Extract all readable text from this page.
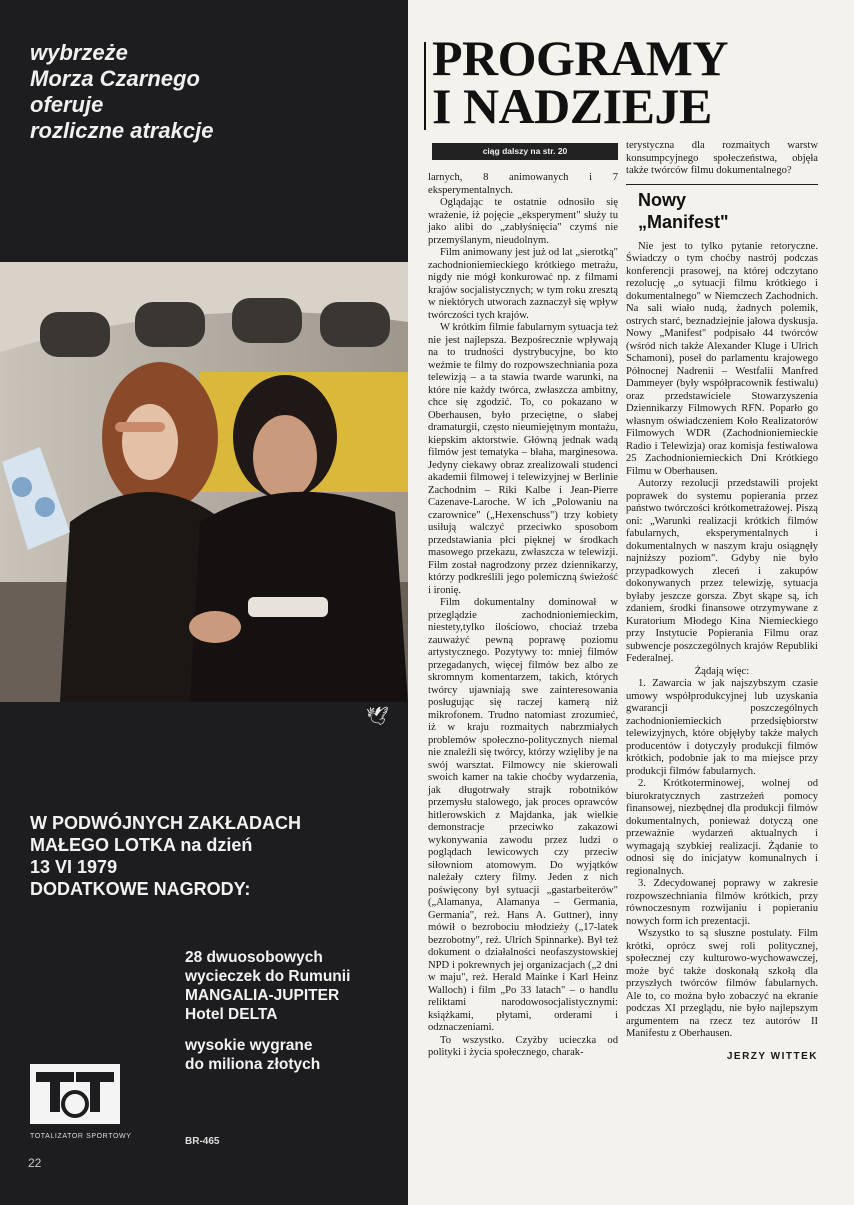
wybrzeże
Morza Czarnego
oferuje
rozliczne atrakcje
🕊
W PODWÓJNYCH ZAKŁADACH
MAŁEGO LOTKA na dzień
13 VI 1979
DODATKOWE NAGRODY:
28 dwuosobowych
wycieczek do Rumunii
MANGALIA-JUPITER
Hotel DELTA
wysokie wygrane
do miliona złotych
TOTALIZATOR SPORTOWY	BR-465
22
PROGRAMY
I NADZIEJE
ciąg dalszy na str. 20

larnych, 8 animowanych i 7 eksperymentalnych.

Oglądając te ostatnie odnosiło się wrażenie, iż pojęcie „eksperyment" służy tu jako alibi do „zabłyśnięcia" czymś nie przemyślanym, nieudolnym.

Film animowany jest już od lat „sierotką" zachodnioniemieckiego krótkiego metrażu, nigdy nie mógł konkurować np. z filmami krajów socjalistycznych; w tym roku zresztą w niektórych utworach zaznaczył się wpływ twórczości tych krajów.

W krótkim filmie fabularnym sytuacja też nie jest najlepsza. Bezpośrecznie wpływają na to trudności dystrybucyjne, bo kto weźmie te filmy do rozpowszechniania poza telewizją – a ta stawia twarde warunki, na które nie każdy twórca, zwłaszcza ambitny, chce się zgodzić. To, co pokazano w Oberhausen, było przeciętne, o słabej dramaturgii, często nieumiejętnym montażu, kiepskim aktorstwie. Główną jednak wadą filmów jest tematyka – błaha, marginesowa. Jedyny ciekawy obraz zrealizowali studenci akademii filmowej i telewizyjnej w Berlinie Zachodnim – Riki Kalbe i Jean-Pierre Cazenave-Laroche. W ich „Polowaniu na czarownice" („Hexenschuss") trzy kobiety usiłują walczyć przeciwko sposobom przedstawiania płci pięknej w środkach masowego przekazu, zwłaszcza w telewizji. Film został nagrodzony przez dziennikarzy, którzy podkreślili jego polemiczną świeżość i ironię.

Film dokumentalny dominował w przeglądzie zachodnioniemieckim, niestety,tylko ilościowo, chociaż trzeba zauważyć pewną poprawę poziomu artystycznego. Pozytywy to: mniej filmów przegadanych, więcej filmów bez albo ze skromnym komentarzem, takich, których twórcy ujawniają swe zainteresowania posługując się raczej kamerą niż mikrofonem. Trudno natomiast zrozumieć, iż w kraju rozmaitych nabrzmiałych problemów społeczno-politycznych niemal nie znaleźli się twórcy, którzy wzięliby je na swój warsztat. Filmowcy nie skierowali swoich kamer na takie choćby wydarzenia, jak długotrwały strajk robotników przemysłu stalowego, jak proces oprawców hitlerowskich z Majdanka, jak wielkie demonstracje przeciwko zakazowi wykonywania zawodu przez ludzi o poglądach lewicowych czy przeciw siłowniom atomowym. Do wyjątków należały cztery filmy. Jeden z nich poświęcony był sytuacji „gastarbeiterów" („Alamanya, Alamanya – Germania, Germania", reż. Hans A. Guttner), inny mówił o bezrobociu młodzieży („17-latek bezrobotny", reż. Ulrich Spinnarke). Był też dokument o działalności neofaszystowskiej NPD i pokrewnych jej organizacjach („2 dni w maju", reż. Herald Mainke i Karl Heinz Walloch) i film „Po 33 latach" – o handlu reliktami narodowosocjalistycznymi: książkami, płytami, orderami i odznaczeniami.

To wszystko. Czyżby ucieczka od polityki i życia społecznego, charak-

terystyczna dla rozmaitych warstw konsumpcyjnego społeczeństwa, objęła także twórców filmu dokumentalnego?

Nowy
„Manifest"

Nie jest to tylko pytanie retoryczne. Świadczy o tym choćby nastrój podczas konferencji prasowej, na której odczytano rezolucję „o sytuacji filmu krótkiego i dokumentalnego" w Niemczech Zachodnich. Na sali wiało nudą, żadnych polemik, ostrych starć, beznadziejnie jałowa dyskusja. Nowy „Manifest" podpisało 44 twórców (wśród nich także Alexander Kluge i Ulrich Schamoni), poseł do parlamentu krajowego Północnej Nadrenii – Westfalii Manfred Dammeyer (były współpracownik festiwalu) oraz przedstawiciele Stowarzyszenia Dziennikarzy Filmowych RFN. Poparło go własnym oświadczeniem Koło Realizatorów Filmowych WDR (Zachodnioniemieckie Radio i Telewizja) oraz komisja festiwalowa 25 Zachodnioniemieckich Dni Krótkiego Filmu w Oberhausen.

Autorzy rezolucji przedstawili projekt poprawek do systemu popierania przez państwo twórczości krótkometrażowej. Piszą oni: „Warunki realizacji krótkich filmów fabularnych, eksperymentalnych i dokumentalnych w naszym kraju osiągnęły najniższy poziom". Gdyby nie było przypadkowych zleceń i zakupów dokonywanych przez telewizję, sytuacja byłaby jeszcze gorsza. Zbyt skąpe są, ich zdaniem, środki finansowe otrzymywane z Kuratorium Młodego Kina Niemieckiego przy Instytucie Popierania Filmu oraz subwencje poszczególnych krajów Republiki Federalnej.

Żądają więc:

1. Zawarcia w jak najszybszym czasie umowy współprodukcyjnej lub uzyskania gwarancji poszczególnych zachodnioniemieckich przedsiębiorstw telewizyjnych, które objęłyby także małych producentów i dotyczyły produkcji filmów krótkich, podobnie jak to ma miejsce przy produkcji filmów fabularnych.

2. Krótkoterminowej, wolnej od biurokratycznych zastrzeżeń pomocy finansowej, niezbędnej dla produkcji filmów dokumentalnych, ponieważ dotyczą one przeważnie wydarzeń aktualnych i wymagają szybkiej realizacji. Żądanie to odnosi się do inicjatyw komunalnych i regionalnych.

3. Zdecydowanej poprawy w zakresie rozpowszechniania filmów krótkich, przy równoczesnym rozwijaniu i popieraniu nowych form ich prezentacji.

Wszystko to są słuszne postulaty. Film krótki, oprócz swej roli politycznej, społecznej czy kulturowo-wychowawczej, może być także doskonałą szkołą dla przyszłych twórców filmów fabularnych. Ale to, co można było zobaczyć na ekranie podczas XI przeglądu, nie było najlepszym argumentem na rzecz tez autorów II Manifestu z Oberhausen.

JERZY WITTEK
